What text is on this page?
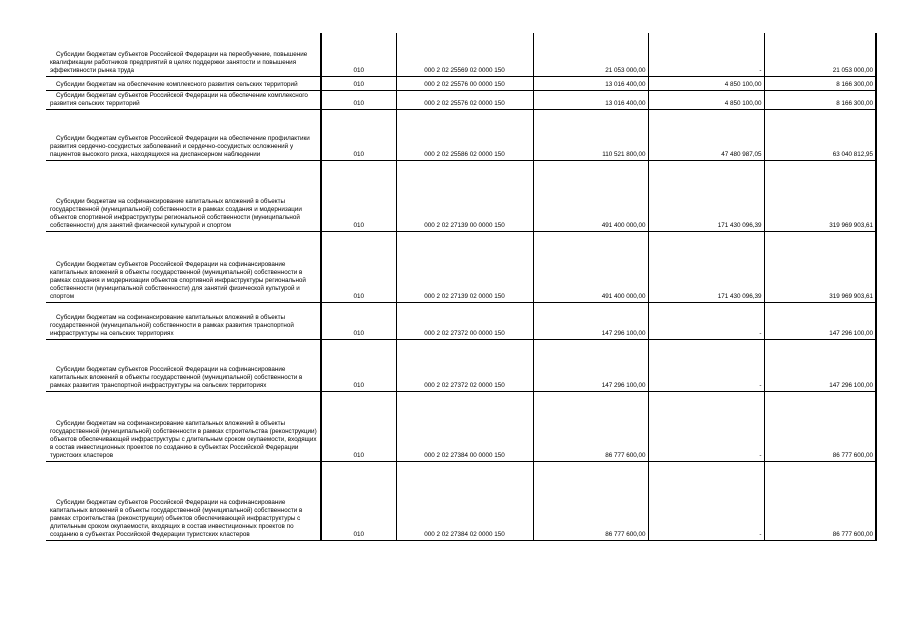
Субсидии бюджетам субъектов Российской Федерации на переобучение, повышение квалификации работников предприятий в целях поддержки занятости и повышения эффективности рынка труда	010	000 2 02 25569 02 0000 150	21 053 000,00	-	21 053 000,00

Субсидии бюджетам на обеспечение комплексного развития сельских территорий	010	000 2 02 25576 00 0000 150	13 016 400,00	4 850 100,00	8 166 300,00

Субсидии бюджетам субъектов Российской Федерации на обеспечение комплексного развития сельских территорий	010	000 2 02 25576 02 0000 150	13 016 400,00	4 850 100,00	8 166 300,00

Субсидии бюджетам субъектов Российской Федерации на обеспечение профилактики развития сердечно-сосудистых заболеваний и сердечно-сосудистых осложнений у пациентов высокого риска, находящихся на диспансерном наблюдении	010	000 2 02 25586 02 0000 150	110 521 800,00	47 480 987,05	63 040 812,95

Субсидии бюджетам на софинансирование капитальных вложений в объекты государственной (муниципальной) собственности в рамках создания и модернизации объектов спортивной инфраструктуры региональной собственности (муниципальной собственности) для занятий физической культурой и спортом	010	000 2 02 27139 00 0000 150	491 400 000,00	171 430 096,39	319 969 903,61

Субсидии бюджетам субъектов Российской Федерации на софинансирование капитальных вложений в объекты государственной (муниципальной) собственности в рамках создания и модернизации объектов спортивной инфраструктуры региональной собственности (муниципальной собственности) для занятий физической культурой и спортом	010	000 2 02 27139 02 0000 150	491 400 000,00	171 430 096,39	319 969 903,61

Субсидии бюджетам на софинансирование капитальных вложений в объекты государственной (муниципальной) собственности в рамках развития транспортной инфраструктуры на сельских территориях	010	000 2 02 27372 00 0000 150	147 296 100,00	-	147 296 100,00

Субсидии бюджетам субъектов Российской Федерации на софинансирование капитальных вложений в объекты государственной (муниципальной) собственности в рамках развития транспортной инфраструктуры на сельских территориях	010	000 2 02 27372 02 0000 150	147 296 100,00	-	147 296 100,00

Субсидии бюджетам на софинансирование капитальных вложений в объекты государственной (муниципальной) собственности в рамках строительства (реконструкции) объектов обеспечивающей инфраструктуры с длительным сроком окупаемости, входящих в состав инвестиционных проектов по созданию в субъектах Российской Федерации туристских кластеров	010	000 2 02 27384 00 0000 150	86 777 600,00	-	86 777 600,00

Субсидии бюджетам субъектов Российской Федерации на софинансирование капитальных вложений в объекты государственной (муниципальной) собственности в рамках строительства (реконструкции) объектов обеспечивающей инфраструктуры с длительным сроком окупаемости, входящих в состав инвестиционных проектов по созданию в субъектах Российской Федерации туристских кластеров	010	000 2 02 27384 02 0000 150	86 777 600,00	-	86 777 600,00
